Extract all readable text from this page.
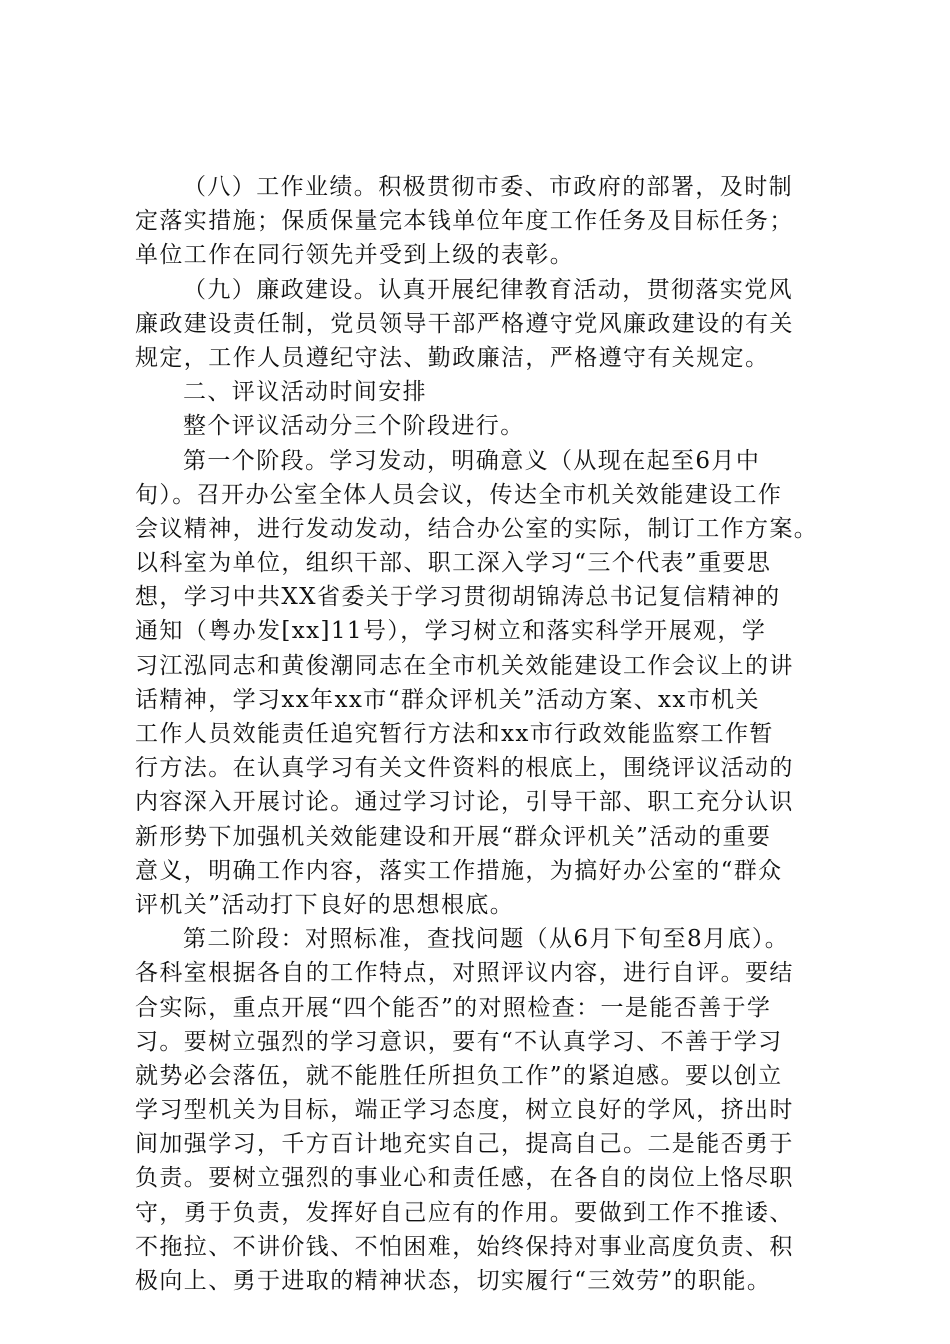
（八）工作业绩。积极贯彻市委、市政府的部署，及时制
定落实措施；保质保量完本钱单位年度工作任务及目标任务；
单位工作在同行领先并受到上级的表彰。
（九）廉政建设。认真开展纪律教育活动，贯彻落实党风
廉政建设责任制，党员领导干部严格遵守党风廉政建设的有关
规定，工作人员遵纪守法、勤政廉洁，严格遵守有关规定。
二、评议活动时间安排
整个评议活动分三个阶段进行。
第一个阶段。学习发动，明确意义（从现在起至6月中
旬）。召开办公室全体人员会议，传达全市机关效能建设工作
会议精神，进行发动发动，结合办公室的实际，制订工作方案。
以科室为单位，组织干部、职工深入学习“三个代表”重要思
想，学习中共XX省委关于学习贯彻胡锦涛总书记复信精神的
通知（粤办发[xx]11号），学习树立和落实科学开展观，学
习江泓同志和黄俊潮同志在全市机关效能建设工作会议上的讲
话精神，学习xx年xx市“群众评机关”活动方案、xx市机关
工作人员效能责任追究暂行方法和xx市行政效能监察工作暂
行方法。在认真学习有关文件资料的根底上，围绕评议活动的
内容深入开展讨论。通过学习讨论，引导干部、职工充分认识
新形势下加强机关效能建设和开展“群众评机关”活动的重要
意义，明确工作内容，落实工作措施，为搞好办公室的“群众
评机关”活动打下良好的思想根底。
第二阶段：对照标准，查找问题（从6月下旬至8月底）。
各科室根据各自的工作特点，对照评议内容，进行自评。要结
合实际，重点开展“四个能否”的对照检查：一是能否善于学
习。要树立强烈的学习意识，要有“不认真学习、不善于学习
就势必会落伍，就不能胜任所担负工作”的紧迫感。要以创立
学习型机关为目标，端正学习态度，树立良好的学风，挤出时
间加强学习，千方百计地充实自己，提高自己。二是能否勇于
负责。要树立强烈的事业心和责任感，在各自的岗位上恪尽职
守，勇于负责，发挥好自己应有的作用。要做到工作不推诿、
不拖拉、不讲价钱、不怕困难，始终保持对事业高度负责、积
极向上、勇于进取的精神状态，切实履行“三效劳”的职能。
